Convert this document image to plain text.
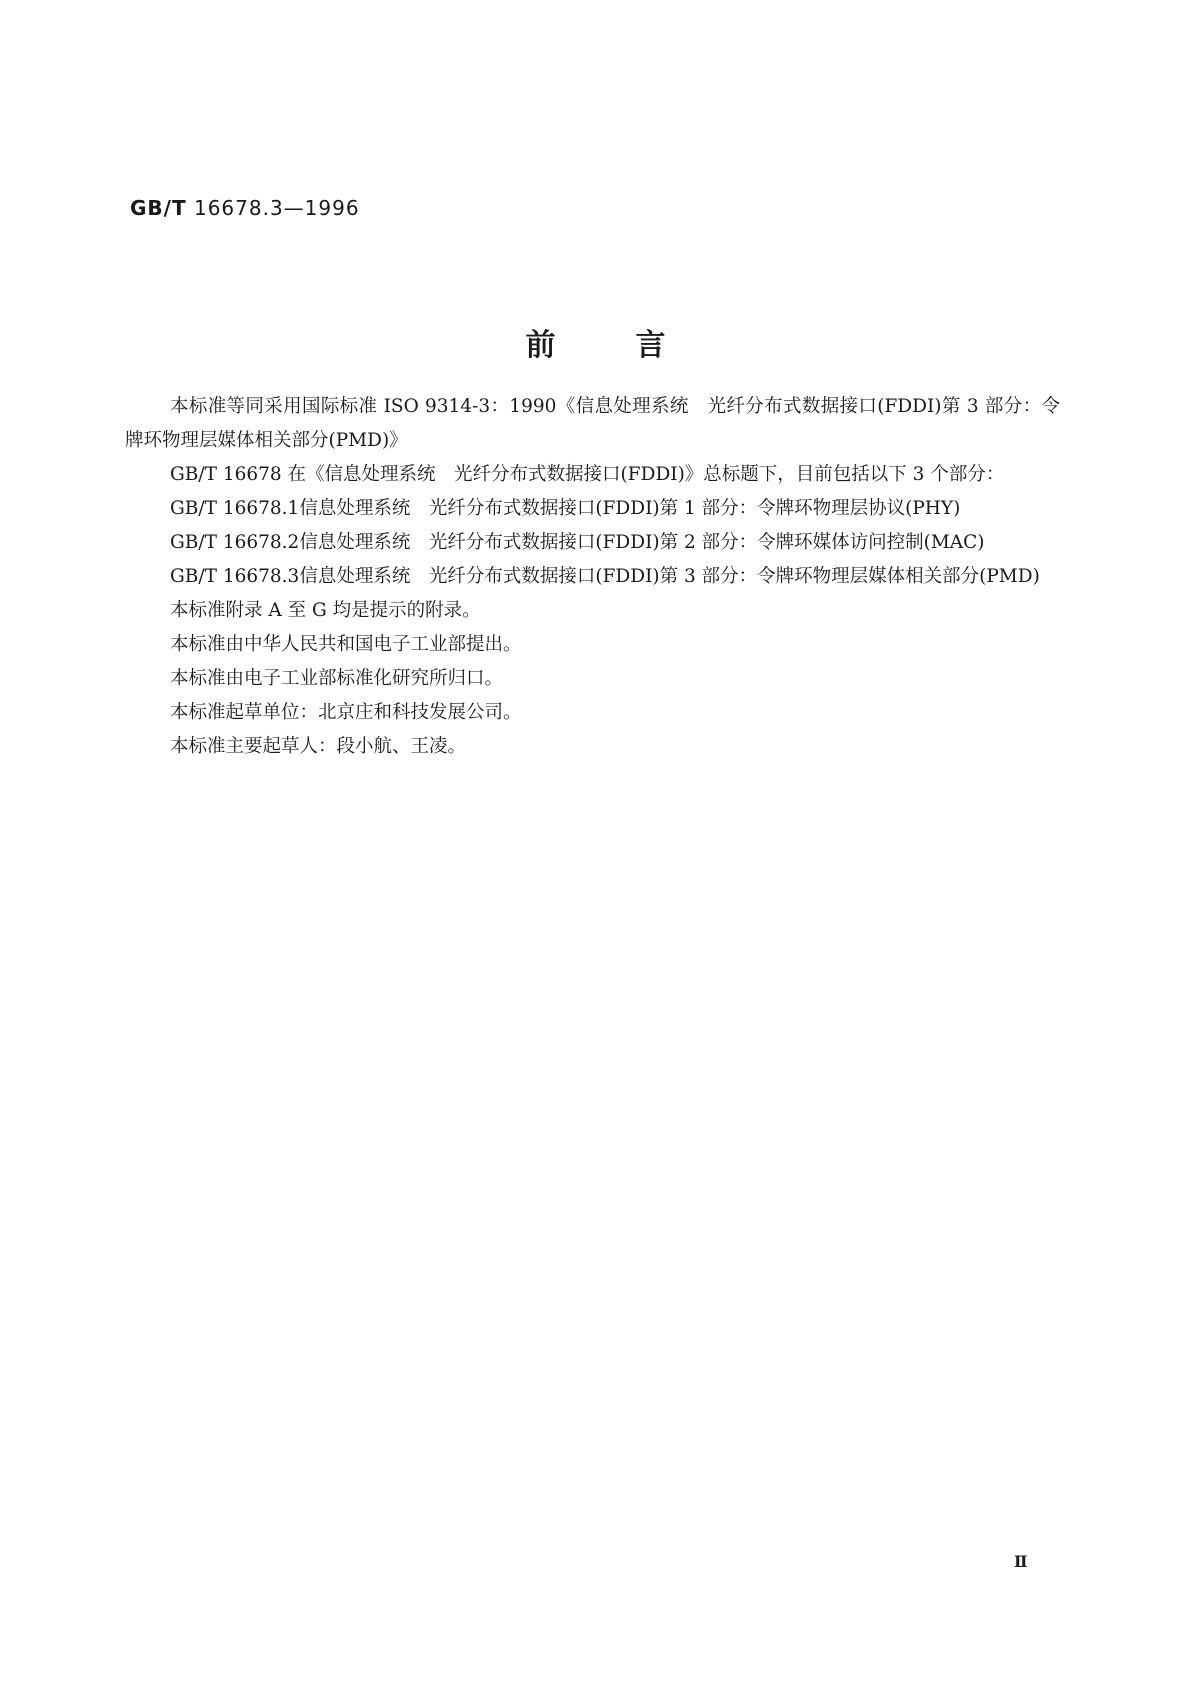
GB/T 16678.3—1996
前言

本标准等同采用国际标准 ISO 9314-3：1990《信息处理系统　光纤分布式数据接口(FDDI)第 3 部分：令牌环物理层媒体相关部分(PMD)》

GB/T 16678 在《信息处理系统　光纤分布式数据接口(FDDI)》总标题下，目前包括以下 3 个部分：

GB/T 16678.1 信息处理系统　光纤分布式数据接口(FDDI)第 1 部分：令牌环物理层协议(PHY)
GB/T 16678.2 信息处理系统　光纤分布式数据接口(FDDI)第 2 部分：令牌环媒体访问控制(MAC)
GB/T 16678.3 信息处理系统　光纤分布式数据接口(FDDI)第 3 部分：令牌环物理层媒体相关部分(PMD)

本标准附录 A 至 G 均是提示的附录。

本标准由中华人民共和国电子工业部提出。

本标准由电子工业部标准化研究所归口。

本标准起草单位：北京庄和科技发展公司。

本标准主要起草人：段小航、王凌。

Ⅱ
